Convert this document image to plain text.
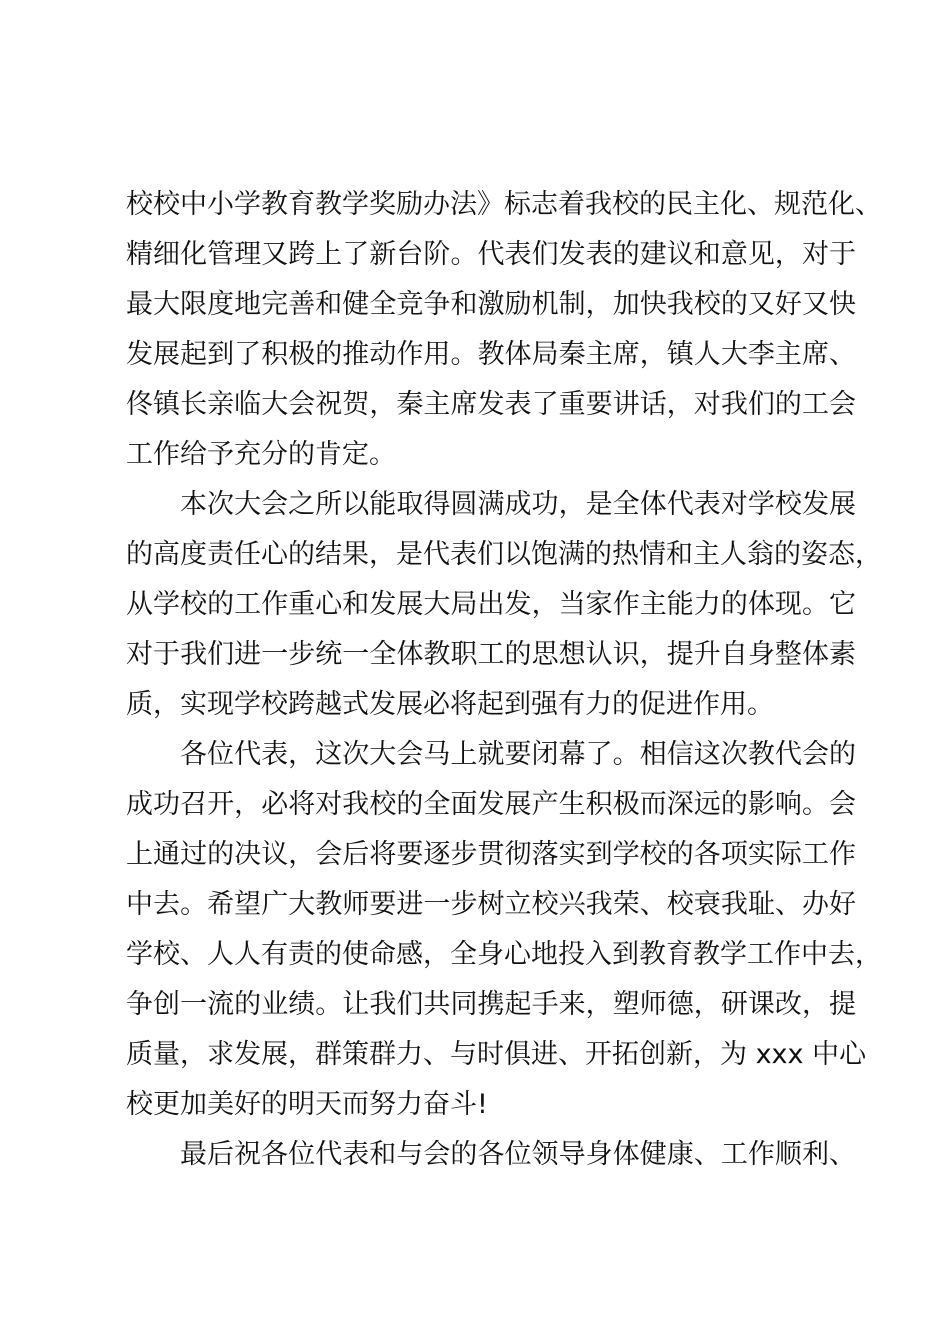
校校中小学教育教学奖励办法》标志着我校的民主化、规范化、
精细化管理又跨上了新台阶。代表们发表的建议和意见，对于
最大限度地完善和健全竞争和激励机制，加快我校的又好又快
发展起到了积极的推动作用。教体局秦主席，镇人大李主席、
佟镇长亲临大会祝贺，秦主席发表了重要讲话，对我们的工会
工作给予充分的肯定。
本次大会之所以能取得圆满成功，是全体代表对学校发展
的高度责任心的结果，是代表们以饱满的热情和主人翁的姿态，
从学校的工作重心和发展大局出发，当家作主能力的体现。它
对于我们进一步统一全体教职工的思想认识，提升自身整体素
质，实现学校跨越式发展必将起到强有力的促进作用。
各位代表，这次大会马上就要闭幕了。相信这次教代会的
成功召开，必将对我校的全面发展产生积极而深远的影响。会
上通过的决议，会后将要逐步贯彻落实到学校的各项实际工作
中去。希望广大教师要进一步树立校兴我荣、校衰我耻、办好
学校、人人有责的使命感，全身心地投入到教育教学工作中去，
争创一流的业绩。让我们共同携起手来，塑师德，研课改，提
质量，求发展，群策群力、与时俱进、开拓创新，为 xxx 中心
校更加美好的明天而努力奋斗!
最后祝各位代表和与会的各位领导身体健康、工作顺利、
